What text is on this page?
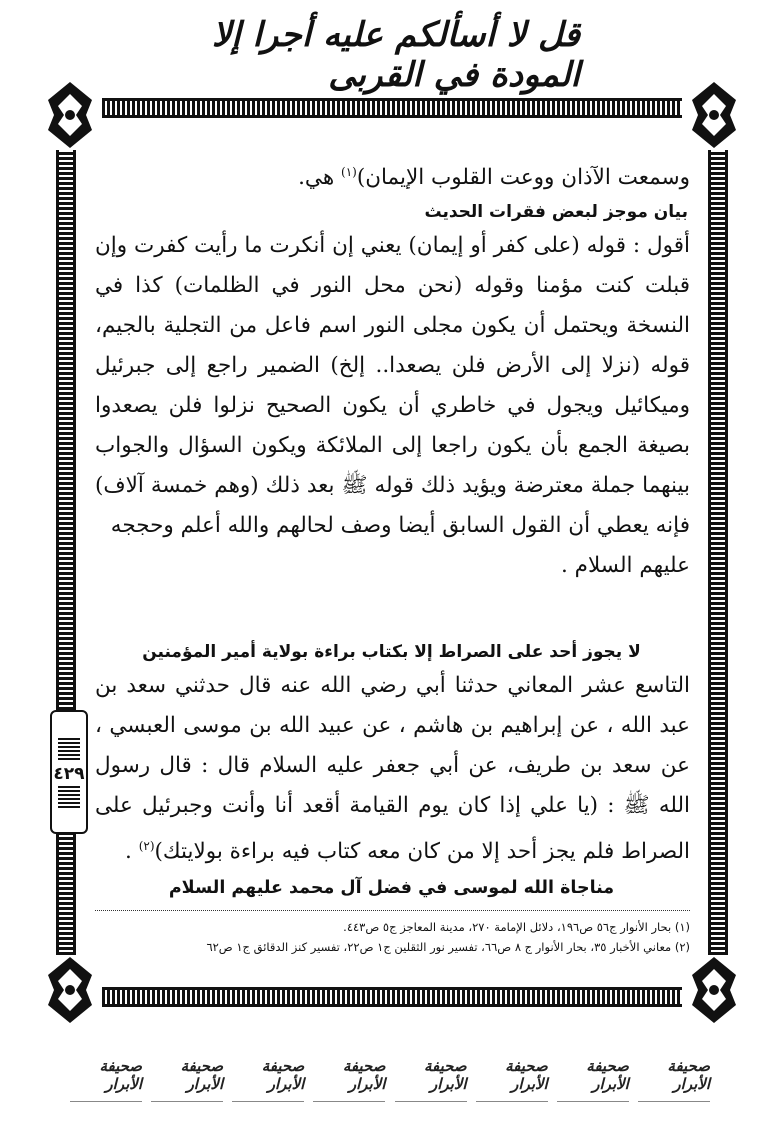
قل لا أسألكم عليه أجرا إلا المودة في القربى
٤٢٩

وسمعت الآذان ووعت القلوب الإيمان)$^{(١)}$ هي.

بيان موجز لبعض فقرات الحديث

أقول : قوله (على كفر أو إيمان) يعني إن أنكرت ما رأيت كفرت وإن قبلت كنت مؤمنا وقوله (نحن محل النور في الظلمات) كذا في النسخة ويحتمل أن يكون مجلى النور اسم فاعل من التجلية بالجيم، قوله (نزلا إلى الأرض فلن يصعدا.. إلخ) الضمير راجع إلى جبرئيل وميكائيل ويجول في خاطري أن يكون الصحيح نزلوا فلن يصعدوا بصيغة الجمع بأن يكون راجعا إلى الملائكة ويكون السؤال والجواب بينهما جملة معترضة ويؤيد ذلك قوله ﷺ بعد ذلك (وهم خمسة آلاف) فإنه يعطي أن القول السابق أيضا وصف لحالهم والله أعلم وحججه

عليهم السلام .

لا يجوز أحد على الصراط إلا بكتاب براءة بولاية أمير المؤمنين

التاسع عشر المعاني حدثنا أبي رضي الله عنه قال حدثني سعد بن عبد الله ، عن إبراهيم بن هاشم ، عن عبيد الله بن موسى العبسي ، عن سعد بن طريف، عن أبي جعفر عليه السلام قال : قال رسول الله ﷺ : (يا علي إذا كان يوم القيامة أقعد أنا وأنت وجبرئيل على الصراط فلم يجز أحد إلا من كان معه كتاب فيه براءة بولايتك)$^{(٢)}$ .

مناجاة الله لموسى في فضل آل محمد عليهم السلام

(١) بحار الأنوار ج٥٦ ص١٩٦، دلائل الإمامة ٢٧٠، مدينة المعاجز ج٥ ص٤٤٣.

(٢) معاني الأخبار ٣٥، بحار الأنوار ج ٨ ص٦٦، تفسير نور الثقلين ج١ ص٢٢، تفسير كنز الدقائق ج١ ص٦٢

صحيفة الأبرار
صحيفة الأبرار
صحيفة الأبرار
صحيفة الأبرار
صحيفة الأبرار
صحيفة الأبرار
صحيفة الأبرار
صحيفة الأبرار
